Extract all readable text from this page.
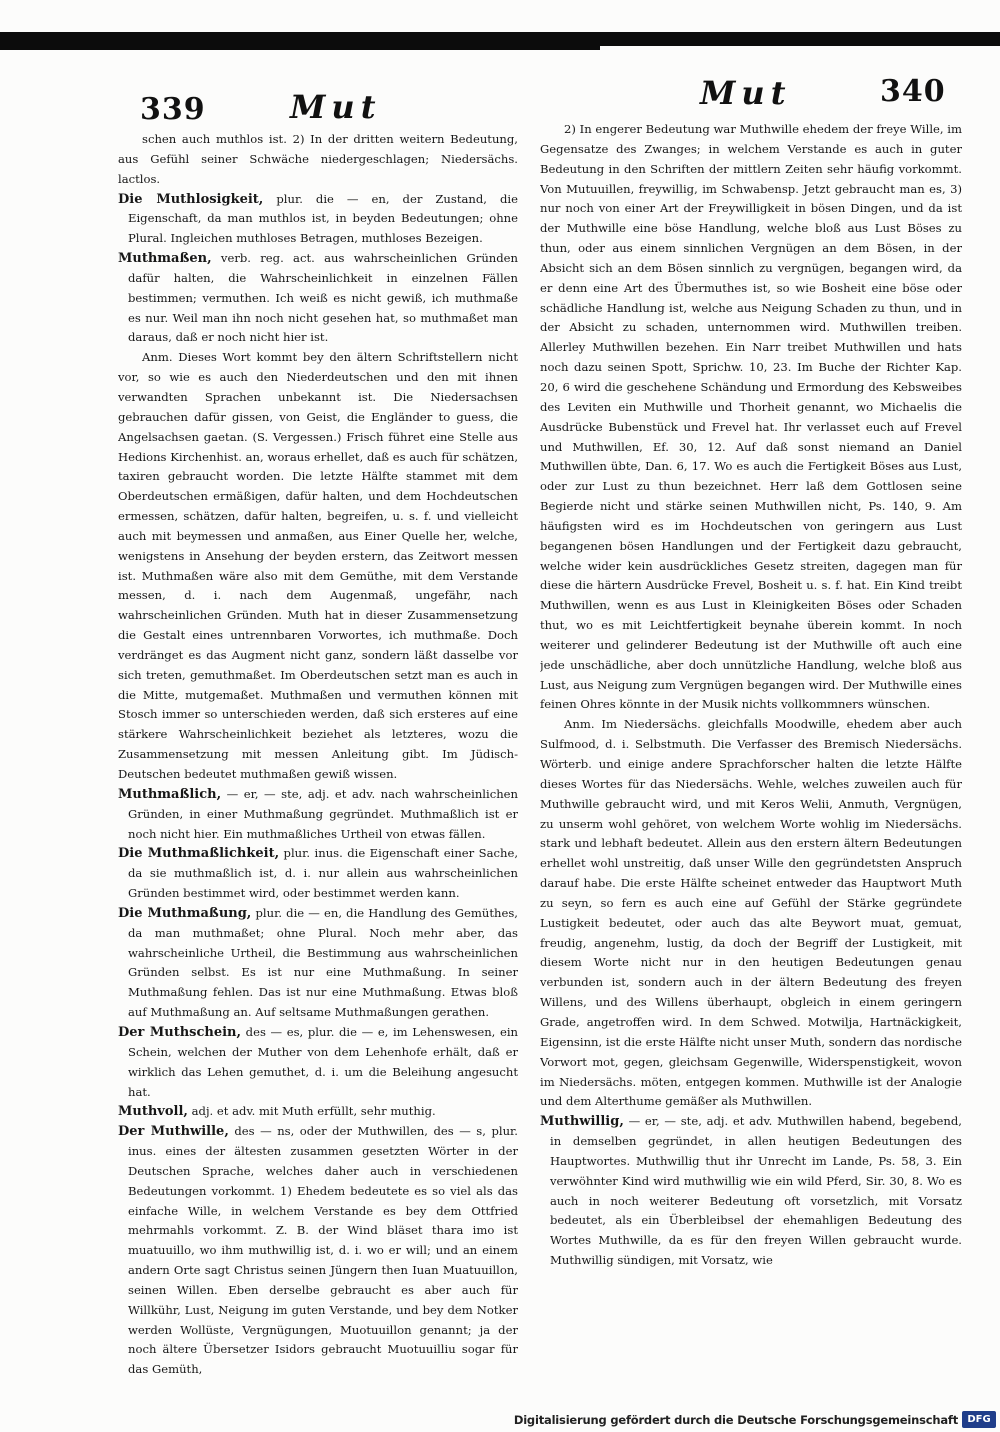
339	Mut	Mut	340

schen auch muthlos ist. 2) In der dritten weitern Bedeutung, aus Gefühl seiner Schwäche niedergeschlagen; Niedersächs. lactlos.

Die Muthlosigkeit, plur. die — en, der Zustand, die Eigenschaft, da man muthlos ist, in beyden Bedeutungen; ohne Plural. Ingleichen muthloses Betragen, muthloses Bezeigen.

Muthmaßen, verb. reg. act. aus wahrscheinlichen Gründen dafür halten, die Wahrscheinlichkeit in einzelnen Fällen bestimmen; vermuthen. Ich weiß es nicht gewiß, ich muthmaße es nur. Weil man ihn noch nicht gesehen hat, so muthmaßet man daraus, daß er noch nicht hier ist.

Anm. Dieses Wort kommt bey den ältern Schriftstellern nicht vor, so wie es auch den Niederdeutschen und den mit ihnen verwandten Sprachen unbekannt ist. Die Niedersachsen gebrauchen dafür gissen, von Geist, die Engländer to guess, die Angelsachsen gaetan. (S. Vergessen.) Frisch führet eine Stelle aus Hedions Kirchenhist. an, woraus erhellet, daß es auch für schätzen, taxiren gebraucht worden. Die letzte Hälfte stammet mit dem Oberdeutschen ermäßigen, dafür halten, und dem Hochdeutschen ermessen, schätzen, dafür halten, begreifen, u. s. f. und vielleicht auch mit beymessen und anmaßen, aus Einer Quelle her, welche, wenigstens in Ansehung der beyden erstern, das Zeitwort messen ist. Muthmaßen wäre also mit dem Gemüthe, mit dem Verstande messen, d. i. nach dem Augenmaß, ungefähr, nach wahrscheinlichen Gründen. Muth hat in dieser Zusammensetzung die Gestalt eines untrennbaren Vorwortes, ich muthmaße. Doch verdränget es das Augment nicht ganz, sondern läßt dasselbe vor sich treten, gemuthmaßet. Im Oberdeutschen setzt man es auch in die Mitte, mutgemaßet. Muthmaßen und vermuthen können mit Stosch immer so unterschieden werden, daß sich ersteres auf eine stärkere Wahrscheinlichkeit beziehet als letzteres, wozu die Zusammensetzung mit messen Anleitung gibt. Im Jüdisch-Deutschen bedeutet muthmaßen gewiß wissen.

Muthmaßlich, — er, — ste, adj. et adv. nach wahrscheinlichen Gründen, in einer Muthmaßung gegründet. Muthmaßlich ist er noch nicht hier. Ein muthmaßliches Urtheil von etwas fällen.

Die Muthmaßlichkeit, plur. inus. die Eigenschaft einer Sache, da sie muthmaßlich ist, d. i. nur allein aus wahrscheinlichen Gründen bestimmet wird, oder bestimmet werden kann.

Die Muthmaßung, plur. die — en, die Handlung des Gemüthes, da man muthmaßet; ohne Plural. Noch mehr aber, das wahrscheinliche Urtheil, die Bestimmung aus wahrscheinlichen Gründen selbst. Es ist nur eine Muthmaßung. In seiner Muthmaßung fehlen. Das ist nur eine Muthmaßung. Etwas bloß auf Muthmaßung an. Auf seltsame Muthmaßungen gerathen.

Der Muthschein, des — es, plur. die — e, im Lehenswesen, ein Schein, welchen der Muther von dem Lehenhofe erhält, daß er wirklich das Lehen gemuthet, d. i. um die Beleihung angesucht hat.

Muthvoll, adj. et adv. mit Muth erfüllt, sehr muthig.

Der Muthwille, des — ns, oder der Muthwillen, des — s, plur. inus. eines der ältesten zusammen gesetzten Wörter in der Deutschen Sprache, welches daher auch in verschiedenen Bedeutungen vorkommt. 1) Ehedem bedeutete es so viel als das einfache Wille, in welchem Verstande es bey dem Ottfried mehrmahls vorkommt. Z. B. der Wind bläset thara imo ist muatuuillo, wo ihm muthwillig ist, d. i. wo er will; und an einem andern Orte sagt Christus seinen Jüngern then Iuan Muatuuillon, seinen Willen. Eben derselbe gebraucht es aber auch für Willkühr, Lust, Neigung im guten Verstande, und bey dem Notker werden Wollüste, Vergnügungen, Muotuuillon genannt; ja der noch ältere Übersetzer Isidors gebraucht Muotuuilliu sogar für das Gemüth,

2) In engerer Bedeutung war Muthwille ehedem der freye Wille, im Gegensatze des Zwanges; in welchem Verstande es auch in guter Bedeutung in den Schriften der mittlern Zeiten sehr häufig vorkommt. Von Mutuuillen, freywillig, im Schwabensp. Jetzt gebraucht man es, 3) nur noch von einer Art der Freywilligkeit in bösen Dingen, und da ist der Muthwille eine böse Handlung, welche bloß aus Lust Böses zu thun, oder aus einem sinnlichen Vergnügen an dem Bösen, in der Absicht sich an dem Bösen sinnlich zu vergnügen, begangen wird, da er denn eine Art des Übermuthes ist, so wie Bosheit eine böse oder schädliche Handlung ist, welche aus Neigung Schaden zu thun, und in der Absicht zu schaden, unternommen wird. Muthwillen treiben. Allerley Muthwillen bezehen. Ein Narr treibet Muthwillen und hats noch dazu seinen Spott, Sprichw. 10, 23. Im Buche der Richter Kap. 20, 6 wird die geschehene Schändung und Ermordung des Kebsweibes des Leviten ein Muthwille und Thorheit genannt, wo Michaelis die Ausdrücke Bubenstück und Frevel hat. Ihr verlasset euch auf Frevel und Muthwillen, Ef. 30, 12. Auf daß sonst niemand an Daniel Muthwillen übte, Dan. 6, 17. Wo es auch die Fertigkeit Böses aus Lust, oder zur Lust zu thun bezeichnet. Herr laß dem Gottlosen seine Begierde nicht und stärke seinen Muthwillen nicht, Ps. 140, 9. Am häufigsten wird es im Hochdeutschen von geringern aus Lust begangenen bösen Handlungen und der Fertigkeit dazu gebraucht, welche wider kein ausdrückliches Gesetz streiten, dagegen man für diese die härtern Ausdrücke Frevel, Bosheit u. s. f. hat. Ein Kind treibt Muthwillen, wenn es aus Lust in Kleinigkeiten Böses oder Schaden thut, wo es mit Leichtfertigkeit beynahe überein kommt. In noch weiterer und gelinderer Bedeutung ist der Muthwille oft auch eine jede unschädliche, aber doch unnützliche Handlung, welche bloß aus Lust, aus Neigung zum Vergnügen begangen wird. Der Muthwille eines feinen Ohres könnte in der Musik nichts vollkommners wünschen.

Anm. Im Niedersächs. gleichfalls Moodwille, ehedem aber auch Sulfmood, d. i. Selbstmuth. Die Verfasser des Bremisch Niedersächs. Wörterb. und einige andere Sprachforscher halten die letzte Hälfte dieses Wortes für das Niedersächs. Wehle, welches zuweilen auch für Muthwille gebraucht wird, und mit Keros Welii, Anmuth, Vergnügen, zu unserm wohl gehöret, von welchem Worte wohlig im Niedersächs. stark und lebhaft bedeutet. Allein aus den erstern ältern Bedeutungen erhellet wohl unstreitig, daß unser Wille den gegründetsten Anspruch darauf habe. Die erste Hälfte scheinet entweder das Hauptwort Muth zu seyn, so fern es auch eine auf Gefühl der Stärke gegründete Lustigkeit bedeutet, oder auch das alte Beywort muat, gemuat, freudig, angenehm, lustig, da doch der Begriff der Lustigkeit, mit diesem Worte nicht nur in den heutigen Bedeutungen genau verbunden ist, sondern auch in der ältern Bedeutung des freyen Willens, und des Willens überhaupt, obgleich in einem geringern Grade, angetroffen wird. In dem Schwed. Motwilja, Hartnäckigkeit, Eigensinn, ist die erste Hälfte nicht unser Muth, sondern das nordische Vorwort mot, gegen, gleichsam Gegenwille, Widerspenstigkeit, wovon im Niedersächs. möten, entgegen kommen. Muthwille ist der Analogie und dem Alterthume gemäßer als Muthwillen.

Muthwillig, — er, — ste, adj. et adv. Muthwillen habend, begebend, in demselben gegründet, in allen heutigen Bedeutungen des Hauptwortes. Muthwillig thut ihr Unrecht im Lande, Ps. 58, 3. Ein verwöhnter Kind wird muthwillig wie ein wild Pferd, Sir. 30, 8. Wo es auch in noch weiterer Bedeutung oft vorsetzlich, mit Vorsatz bedeutet, als ein Überbleibsel der ehemahligen Bedeutung des Wortes Muthwille, da es für den freyen Willen gebraucht wurde. Muthwillig sündigen, mit Vorsatz, wie

Digitalisierung gefördert durch die Deutsche Forschungsgemeinschaft DFG
